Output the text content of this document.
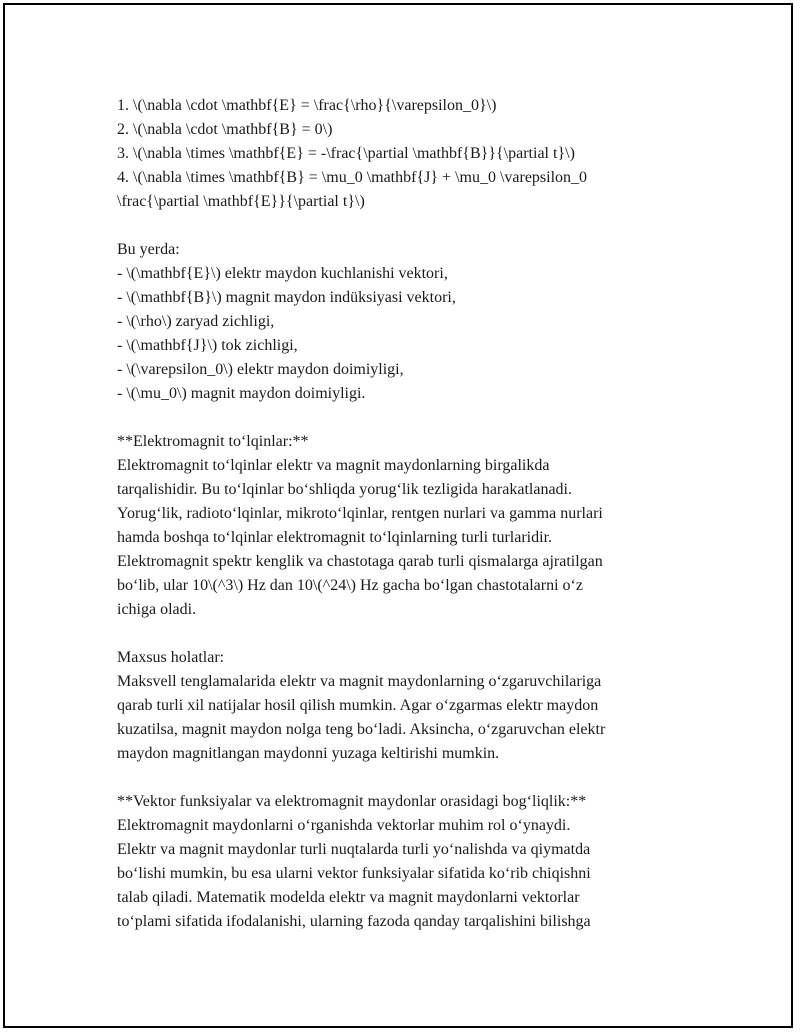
1. \(\nabla \cdot \mathbf{E} = \frac{\rho}{\varepsilon_0}\)
2. \(\nabla \cdot \mathbf{B} = 0\)
3. \(\nabla \times \mathbf{E} = -\frac{\partial \mathbf{B}}{\partial t}\)
4. \(\nabla \times \mathbf{B} = \mu_0 \mathbf{J} + \mu_0 \varepsilon_0
\frac{\partial \mathbf{E}}{\partial t}\)
Bu yerda:
- \(\mathbf{E}\) elektr maydon kuchlanishi vektori,
- \(\mathbf{B}\) magnit maydon indüksiyasi vektori,
- \(\rho\) zaryad zichligi,
- \(\mathbf{J}\) tok zichligi,
- \(\varepsilon_0\) elektr maydon doimiyligi,
- \(\mu_0\) magnit maydon doimiyligi.
**Elektromagnit to‘lqinlar:**
Elektromagnit to‘lqinlar elektr va magnit maydonlarning birgalikda
tarqalishidir. Bu to‘lqinlar bo‘shliqda yorug‘lik tezligida harakatlanadi.
Yorug‘lik, radioto‘lqinlar, mikroto‘lqinlar, rentgen nurlari va gamma nurlari
hamda boshqa to‘lqinlar elektromagnit to‘lqinlarning turli turlaridir.
Elektromagnit spektr kenglik va chastotaga qarab turli qismalarga ajratilgan
bo‘lib, ular 10\(^3\) Hz dan 10\(^24\) Hz gacha bo‘lgan chastotalarni o‘z
ichiga oladi.
Maxsus holatlar:
Maksvell tenglamalarida elektr va magnit maydonlarning o‘zgaruvchilariga
qarab turli xil natijalar hosil qilish mumkin. Agar o‘zgarmas elektr maydon
kuzatilsa, magnit maydon nolga teng bo‘ladi. Aksincha, o‘zgaruvchan elektr
maydon magnitlangan maydonni yuzaga keltirishi mumkin.
**Vektor funksiyalar va elektromagnit maydonlar orasidagi bog‘liqlik:**
Elektromagnit maydonlarni o‘rganishda vektorlar muhim rol o‘ynaydi.
Elektr va magnit maydonlar turli nuqtalarda turli yo‘nalishda va qiymatda
bo‘lishi mumkin, bu esa ularni vektor funksiyalar sifatida ko‘rib chiqishni
talab qiladi. Matematik modelda elektr va magnit maydonlarni vektorlar
to‘plami sifatida ifodalanishi, ularning fazoda qanday tarqalishini bilishga
